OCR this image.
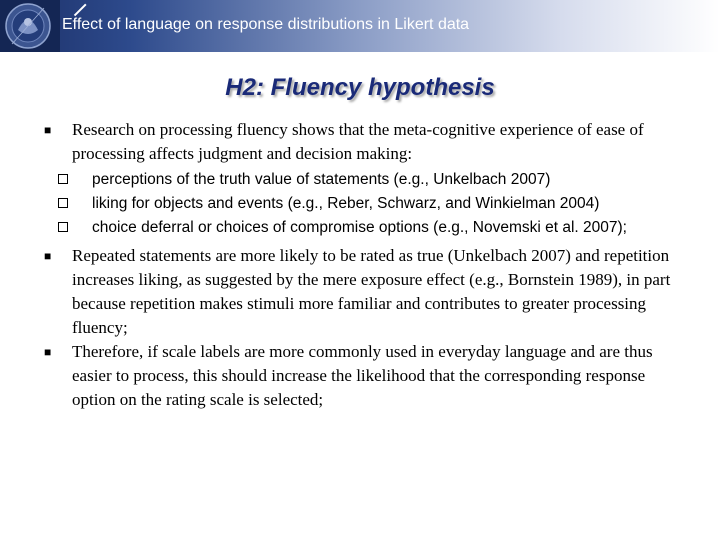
Effect of language on response distributions in Likert data
H2: Fluency hypothesis
■ Research on processing fluency shows that the meta-cognitive experience of ease of processing affects judgment and decision making:
perceptions of the truth value of statements (e.g., Unkelbach 2007)
liking for objects and events (e.g., Reber, Schwarz, and Winkielman 2004)
choice deferral or choices of compromise options (e.g., Novemski et al. 2007);
■ Repeated statements are more likely to be rated as true (Unkelbach 2007) and repetition increases liking, as suggested by the mere exposure effect (e.g., Bornstein 1989), in part because repetition makes stimuli more familiar and contributes to greater processing fluency;
■ Therefore, if scale labels are more commonly used in everyday language and are thus easier to process, this should increase the likelihood that the corresponding response option on the rating scale is selected;
